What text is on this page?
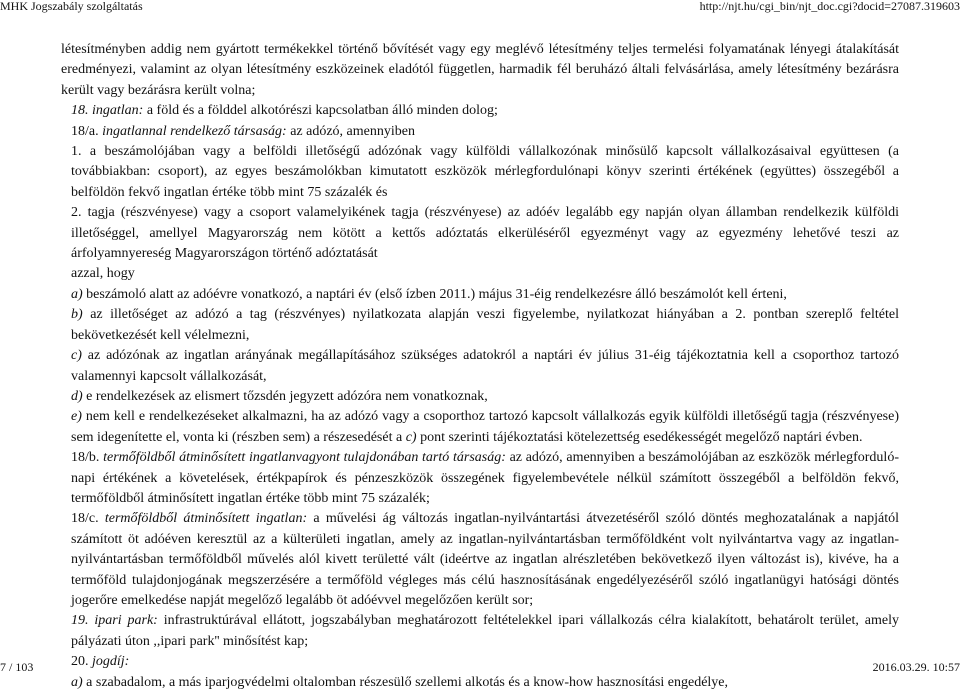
MHK Jogszabály szolgáltatás	http://njt.hu/cgi_bin/njt_doc.cgi?docid=27087.319603

létesítményben addig nem gyártott termékekkel történő bővítését vagy egy meglévő létesítmény teljes termelési folyamatának lényegi átalakítását eredményezi, valamint az olyan létesítmény eszközeinek eladótól független, harmadik fél beruházó általi felvásárlása, amely létesítmény bezárásra került vagy bezárásra került volna;

18. ingatlan: a föld és a földdel alkotórészi kapcsolatban álló minden dolog;

18/a. ingatlannal rendelkező társaság: az adózó, amennyiben

1. a beszámolójában vagy a belföldi illetőségű adózónak vagy külföldi vállalkozónak minősülő kapcsolt vállalkozásaival együttesen (a továbbiakban: csoport), az egyes beszámolókban kimutatott eszközök mérlegfordulónapi könyv szerinti értékének (együttes) összegéből a belföldön fekvő ingatlan értéke több mint 75 százalék és

2. tagja (részvényese) vagy a csoport valamelyikének tagja (részvényese) az adóév legalább egy napján olyan államban rendelkezik külföldi illetőséggel, amellyel Magyarország nem kötött a kettős adóztatás elkerüléséről egyezményt vagy az egyezmény lehetővé teszi az árfolyamnyereség Magyarországon történő adóztatását

azzal, hogy

a) beszámoló alatt az adóévre vonatkozó, a naptári év (első ízben 2011.) május 31-éig rendelkezésre álló beszámolót kell érteni,

b) az illetőséget az adózó a tag (részvényes) nyilatkozata alapján veszi figyelembe, nyilatkozat hiányában a 2. pontban szereplő feltétel bekövetkezését kell vélelmezni,

c) az adózónak az ingatlan arányának megállapításához szükséges adatokról a naptári év július 31-éig tájékoztatnia kell a csoporthoz tartozó valamennyi kapcsolt vállalkozását,

d) e rendelkezések az elismert tőzsdén jegyzett adózóra nem vonatkoznak,

e) nem kell e rendelkezéseket alkalmazni, ha az adózó vagy a csoporthoz tartozó kapcsolt vállalkozás egyik külföldi illetőségű tagja (részvényese) sem idegenítette el, vonta ki (részben sem) a részesedését a c) pont szerinti tájékoztatási kötelezettség esedékességét megelőző naptári évben.

18/b. termőföldből átminősített ingatlanvagyont tulajdonában tartó társaság: az adózó, amennyiben a beszámolójában az eszközök mérlegforduló-napi értékének a követelések, értékpapírok és pénzeszközök összegének figyelembevétele nélkül számított összegéből a belföldön fekvő, termőföldből átminősített ingatlan értéke több mint 75 százalék;

18/c. termőföldből átminősített ingatlan: a művelési ág változás ingatlan-nyilvántartási átvezetéséről szóló döntés meghozatalának a napjától számított öt adóéven keresztül az a külterületi ingatlan, amely az ingatlan-nyilvántartásban termőföldként volt nyilvántartva vagy az ingatlan-nyilvántartásban termőföldből művelés alól kivett területté vált (ideértve az ingatlan alrészletében bekövetkező ilyen változást is), kivéve, ha a termőföld tulajdonjogának megszerzésére a termőföld végleges más célú hasznosításának engedélyezéséről szóló ingatlanügyi hatósági döntés jogerőre emelkedése napját megelőző legalább öt adóévvel megelőzően került sor;

19. ipari park: infrastruktúrával ellátott, jogszabályban meghatározott feltételekkel ipari vállalkozás célra kialakított, behatárolt terület, amely pályázati úton ,,ipari park'' minősítést kap;

20. jogdíj:

a) a szabadalom, a más iparjogvédelmi oltalomban részesülő szellemi alkotás és a know-how hasznosítási engedélye,

7 / 103	2016.03.29. 10:57
